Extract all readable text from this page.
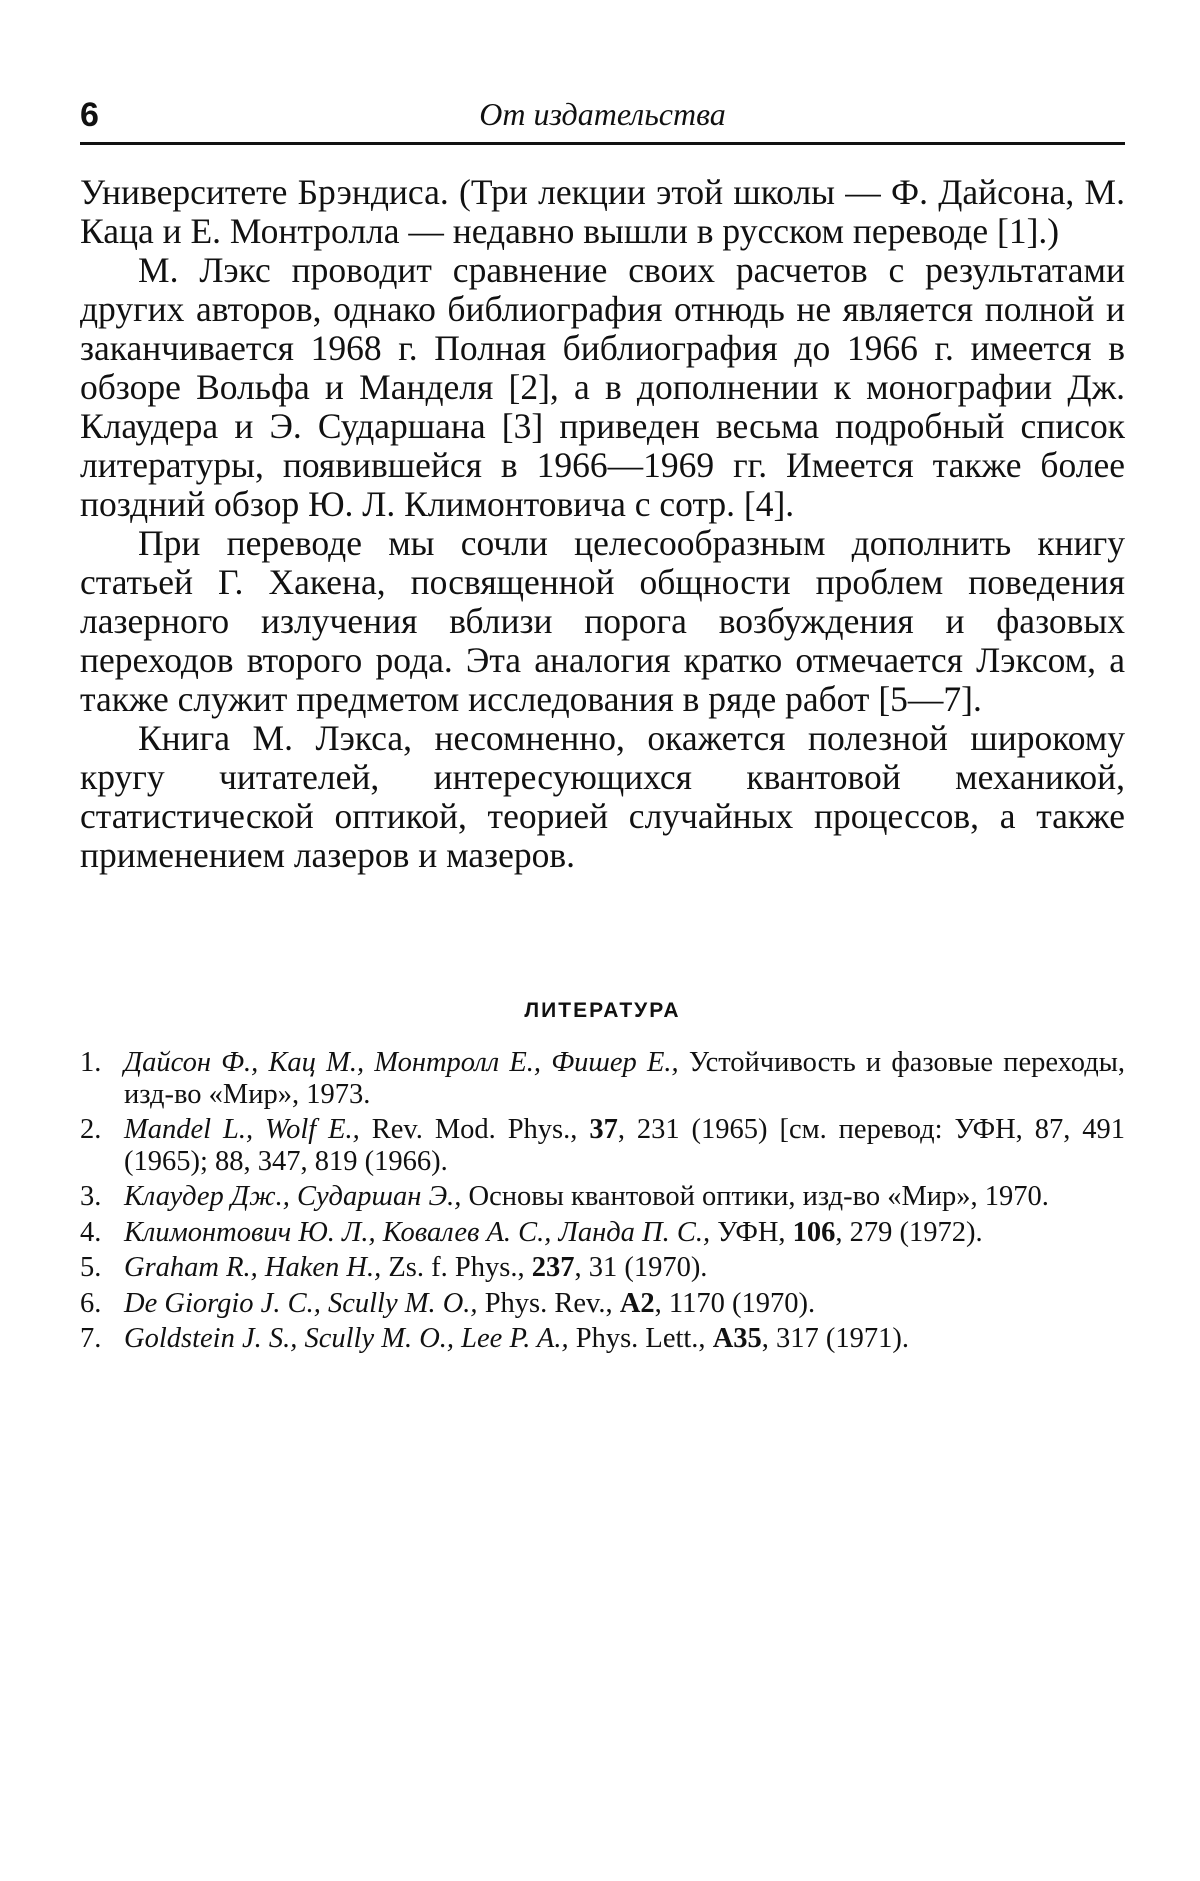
6	От издательства

Университете Брэндиса. (Три лекции этой школы — Ф. Дайсона, М. Каца и Е. Монтролла — недавно вышли в русском переводе [1].)

М. Лэкс проводит сравнение своих расчетов с результатами других авторов, однако библиография отнюдь не является полной и заканчивается 1968 г. Полная библиография до 1966 г. имеется в обзоре Вольфа и Манделя [2], а в дополнении к монографии Дж. Клаудера и Э. Сударшана [3] приведен весьма подробный список литературы, появившейся в 1966—1969 гг. Имеется также более поздний обзор Ю. Л. Климонтовича с сотр. [4].

При переводе мы сочли целесообразным дополнить книгу статьей Г. Хакена, посвященной общности проблем поведения лазерного излучения вблизи порога возбуждения и фазовых переходов второго рода. Эта аналогия кратко отмечается Лэксом, а также служит предметом исследования в ряде работ [5—7].

Книга М. Лэкса, несомненно, окажется полезной широкому кругу читателей, интересующихся квантовой механикой, статистической оптикой, теорией случайных процессов, а также применением лазеров и мазеров.

ЛИТЕРАТУРА
1. Дайсон Ф., Кац М., Монтролл Е., Фишер Е., Устойчивость и фазовые переходы, изд-во «Мир», 1973.
2. Mandel L., Wolf E., Rev. Mod. Phys., 37, 231 (1965) [см. перевод: УФН, 87, 491 (1965); 88, 347, 819 (1966).
3. Клаудер Дж., Сударшан Э., Основы квантовой оптики, изд-во «Мир», 1970.
4. Климонтович Ю. Л., Ковалев А. С., Ланда П. С., УФН, 106, 279 (1972).
5. Graham R., Haken H., Zs. f. Phys., 237, 31 (1970).
6. De Giorgio J. C., Scully M. O., Phys. Rev., A2, 1170 (1970).
7. Goldstein J. S., Scully M. O., Lee P. A., Phys. Lett., A35, 317 (1971).
